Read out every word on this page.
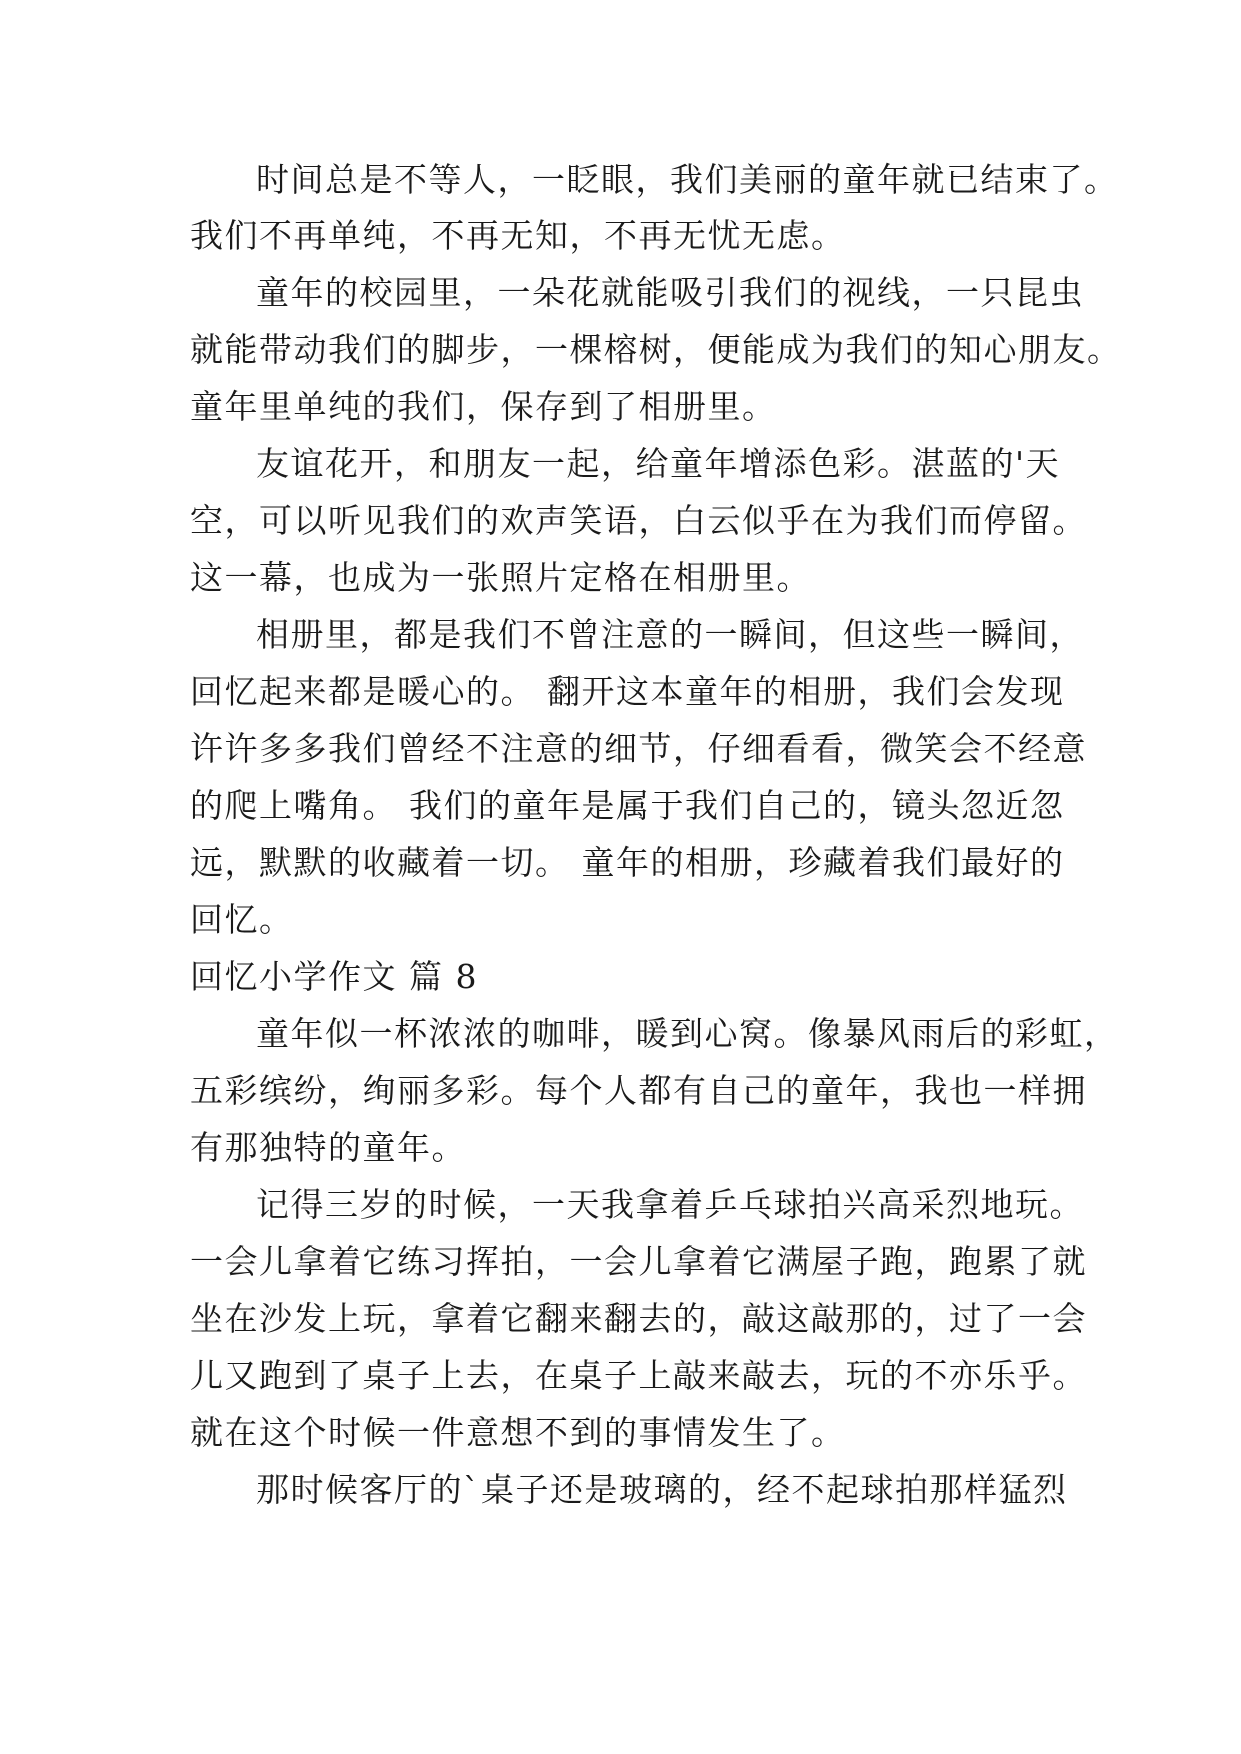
时间总是不等人，一眨眼，我们美丽的童年就已结束了。
我们不再单纯，不再无知，不再无忧无虑。
童年的校园里，一朵花就能吸引我们的视线，一只昆虫
就能带动我们的脚步，一棵榕树，便能成为我们的知心朋友。
童年里单纯的我们，保存到了相册里。
友谊花开，和朋友一起，给童年增添色彩。湛蓝的'天
空，可以听见我们的欢声笑语，白云似乎在为我们而停留。
这一幕，也成为一张照片定格在相册里。
相册里，都是我们不曾注意的一瞬间，但这些一瞬间，
回忆起来都是暖心的。 翻开这本童年的相册，我们会发现
许许多多我们曾经不注意的细节，仔细看看，微笑会不经意
的爬上嘴角。 我们的童年是属于我们自己的，镜头忽近忽
远，默默的收藏着一切。 童年的相册，珍藏着我们最好的
回忆。
回忆小学作文 篇 8
童年似一杯浓浓的咖啡，暖到心窝。像暴风雨后的彩虹，
五彩缤纷，绚丽多彩。每个人都有自己的童年，我也一样拥
有那独特的童年。
记得三岁的时候，一天我拿着乒乓球拍兴高采烈地玩。
一会儿拿着它练习挥拍，一会儿拿着它满屋子跑，跑累了就
坐在沙发上玩，拿着它翻来翻去的，敲这敲那的，过了一会
儿又跑到了桌子上去，在桌子上敲来敲去，玩的不亦乐乎。
就在这个时候一件意想不到的事情发生了。
那时候客厅的`桌子还是玻璃的，经不起球拍那样猛烈
